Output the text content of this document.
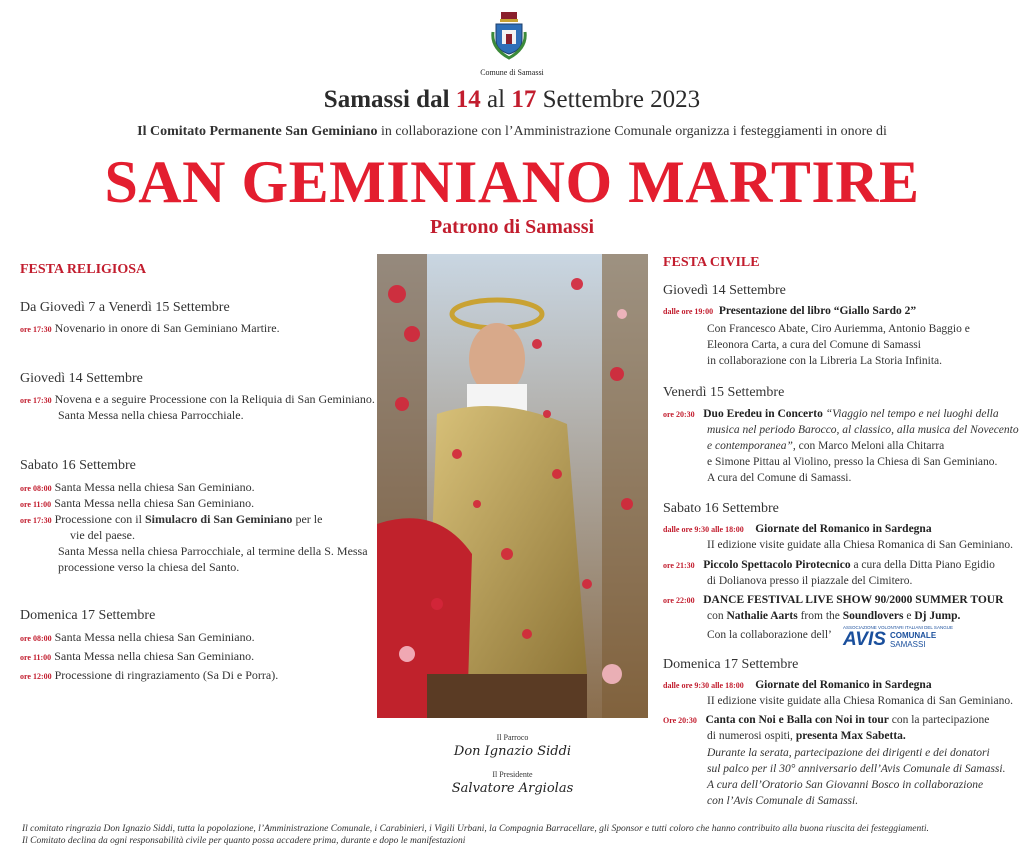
Comune di Samassi
Samassi dal 14 al 17 Settembre 2023
Il Comitato Permanente San Geminiano in collaborazione con l’Amministrazione Comunale organizza i festeggiamenti in onore di
SAN GEMINIANO MARTIRE
Patrono di Samassi
FESTA RELIGIOSA
Da Giovedì 7 a Venerdì 15 Settembre
ore 17:30 Novenario in onore di San Geminiano Martire.
Giovedì 14 Settembre
ore 17:30 Novena e a seguire Processione con la Reliquia di San Geminiano.
Santa Messa nella chiesa Parrocchiale.
Sabato 16 Settembre
ore 08:00 Santa Messa nella chiesa San Geminiano.
ore 11:00 Santa Messa nella chiesa San Geminiano.
ore 17:30 Processione con il Simulacro di San Geminiano per le
vie del paese.
Santa Messa nella chiesa Parrocchiale, al termine della S. Messa
processione verso la chiesa del Santo.
Domenica 17 Settembre
ore 08:00 Santa Messa nella chiesa San Geminiano.
ore 11:00 Santa Messa nella chiesa San Geminiano.
ore 12:00 Processione di ringraziamento (Sa Di e Porra).
Il Parroco
Don Ignazio Siddi
Il Presidente
Salvatore Argiolas
FESTA CIVILE
Giovedì 14 Settembre
dalle ore 19:00 Presentazione del libro “Giallo Sardo 2”
Con Francesco Abate, Ciro Auriemma, Antonio Baggio e
Eleonora Carta, a cura del Comune di Samassi
in collaborazione con la Libreria La Storia Infinita.
Venerdì 15 Settembre
ore 20:30 Duo Eredeu in Concerto “Viaggio nel tempo e nei luoghi della
musica nel periodo Barocco, al classico, alla musica del Novecento
e contemporanea”, con Marco Meloni alla Chitarra
e Simone Pittau al Violino, presso la Chiesa di San Geminiano.
A cura del Comune di Samassi.
Sabato 16 Settembre
dalle ore 9:30 alle 18:00 Giornate del Romanico in Sardegna
II edizione visite guidate alla Chiesa Romanica di San Geminiano.
ore 21:30 Piccolo Spettacolo Pirotecnico a cura della Ditta Piano Egidio
di Dolianova presso il piazzale del Cimitero.
ore 22:00 DANCE FESTIVAL LIVE SHOW 90/2000 SUMMER TOUR
con Nathalie Aarts from the Soundlovers e Dj Jump.
Con la collaborazione dell’
ASSOCIAZIONE VOLONTARI ITALIANI DEL SANGUE
AVIS COMUNALE
SAMASSI
Domenica 17 Settembre
dalle ore 9:30 alle 18:00 Giornate del Romanico in Sardegna
II edizione visite guidate alla Chiesa Romanica di San Geminiano.
Ore 20:30 Canta con Noi e Balla con Noi in tour con la partecipazione
di numerosi ospiti, presenta Max Sabetta.
Durante la serata, partecipazione dei dirigenti e dei donatori
sul palco per il 30° anniversario dell’Avis Comunale di Samassi.
A cura dell’Oratorio San Giovanni Bosco in collaborazione
con l’Avis Comunale di Samassi.
Il comitato ringrazia Don Ignazio Siddi, tutta la popolazione, l’Amministrazione Comunale, i Carabinieri, i Vigili Urbani, la Compagnia Barracellare, gli Sponsor e tutti coloro che hanno contribuito alla buona riuscita dei festeggiamenti.
Il Comitato declina da ogni responsabilità civile per quanto possa accadere prima, durante e dopo le manifestazioni
